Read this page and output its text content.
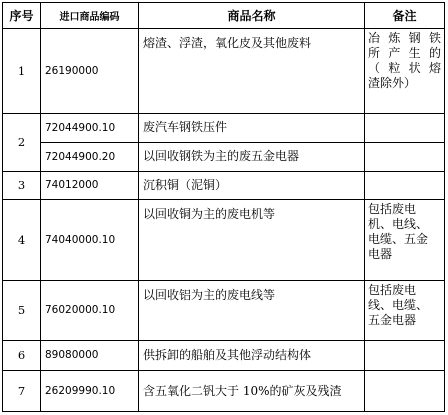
序号	进口商品编码	商品名称	备注
1	26190000	熔渣、浮渣，氧化皮及其他废料	冶炼钢铁
所产生的
（粒状熔
渣除外）

2	72044900.10	废汽车钢铁压件	
	72044900.20	以回收钢铁为主的废五金电器	
3	74012000	沉积铜（泥铜）	
4	74040000.10	以回收铜为主的废电机等	包括废电
机、电线、
电缆、五金
电器

5	76020000.10	以回收铝为主的废电线等	包括废电
线、电缆、
五金电器

6	89080000	供拆卸的船舶及其他浮动结构体	
7	26209990.10	含五氧化二钒大于 10%的矿灰及残渣	
